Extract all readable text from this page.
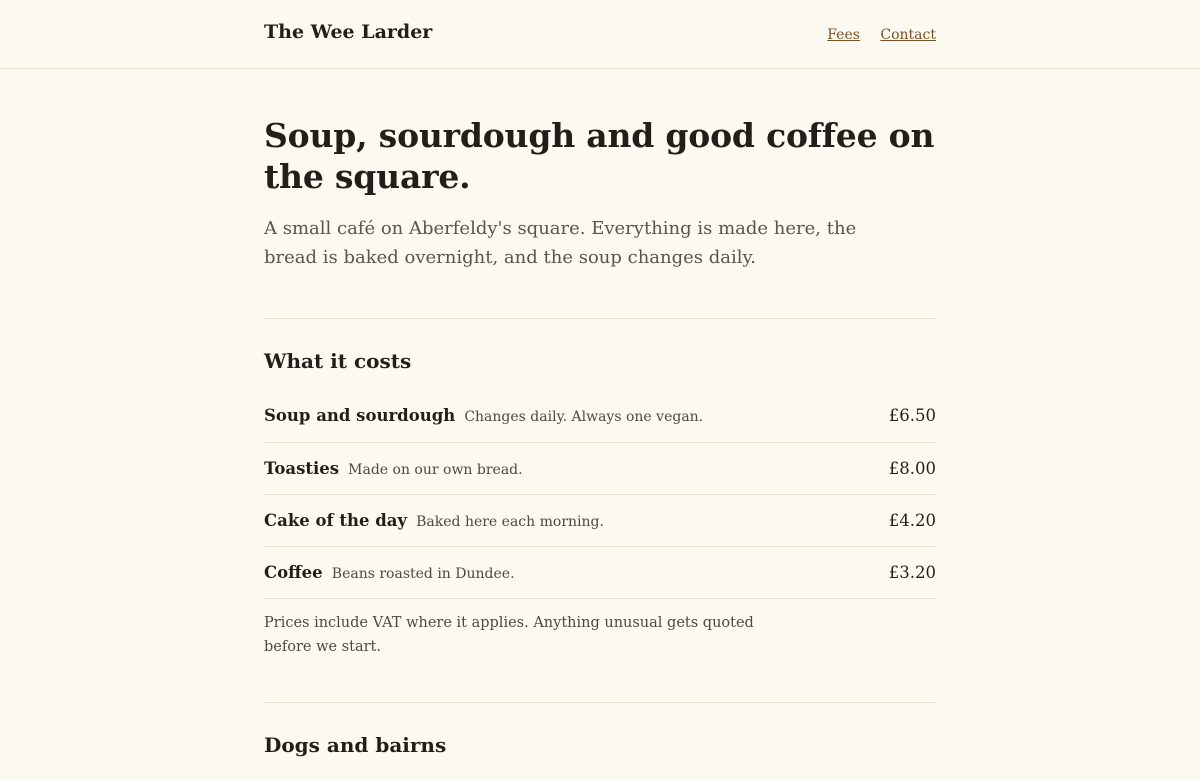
The Wee Larder	Fees Contact
Soup, sourdough and good coffee on the square.

A small café on Aberfeldy's square. Everything is made here, the bread is baked overnight, and the soup changes daily.

What it costs
Soup and sourdough Changes daily. Always one vegan.	£6.50
Toasties Made on our own bread.	£8.00
Cake of the day Baked here each morning.	£4.20
Coffee Beans roasted in Dundee.	£3.20

Prices include VAT where it applies. Anything unusual gets quoted before we start.

Dogs and bairns
